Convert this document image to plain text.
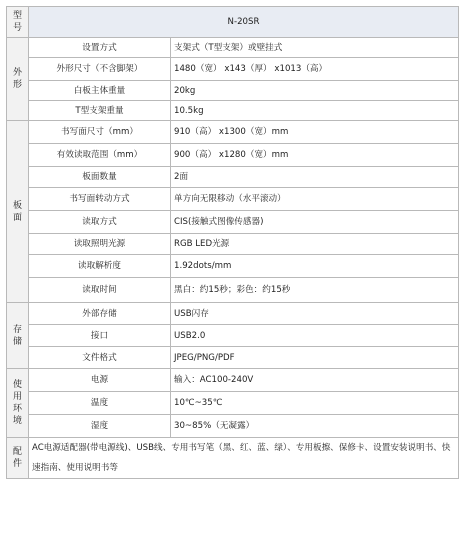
型
号	N-20SR	

外
形	设置方式	支架式（T型支架）或壁挂式
	外形尺寸（不含脚架）	1480（宽） x143（厚） x1013（高）
	白板主体重量	20kg
	T型支架重量	10.5kg

板
面	书写面尺寸（mm）	910（高） x1300（宽）mm
	有效读取范围（mm）	900（高） x1280（宽）mm
	板面数量	2面
	书写面转动方式	单方向无限移动（水平滚动）
	读取方式	CIS(接触式图像传感器)
	读取照明光源	RGB LED光源
	读取解析度	1.92dots/mm
	读取时间	黑白：约15秒；彩色：约15秒

存
储	外部存储	USB闪存
	接口	USB2.0
	文件格式	JPEG/PNG/PDF

使
用
环
境	电源	输入：AC100-240V
	温度	10℃~35℃
	湿度	30~85%（无凝露）

配
件	AC电源适配器(带电源线)、USB线、专用书写笔（黑、红、蓝、绿）、专用板擦、保修卡、设置安装说明书、快速指南、使用说明书等	
